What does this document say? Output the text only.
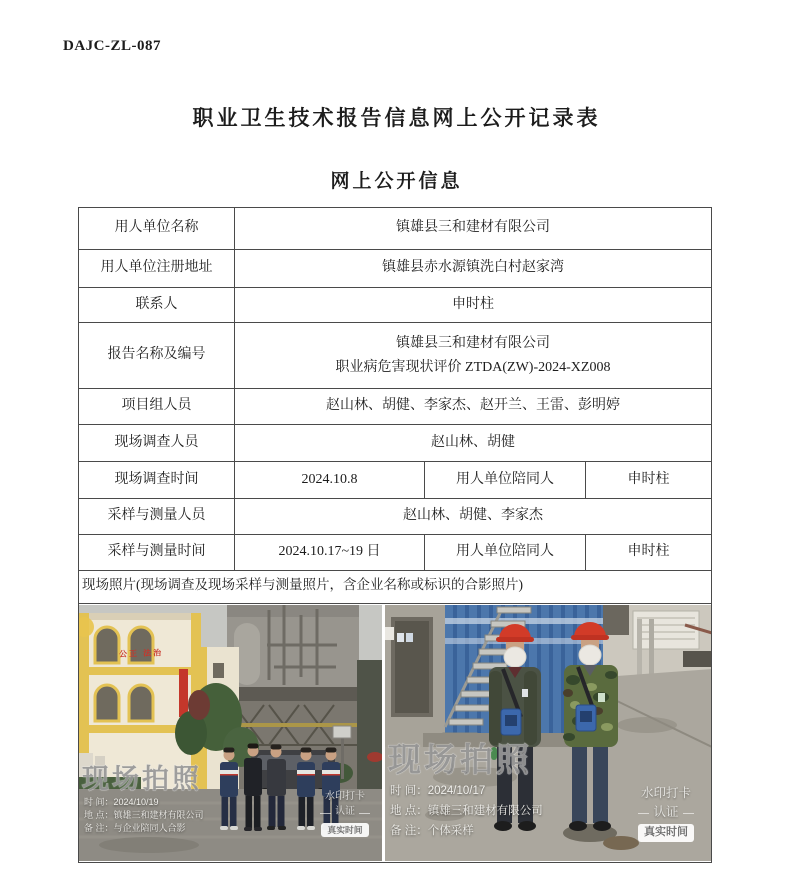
DAJC-ZL-087
职业卫生技术报告信息网上公开记录表
网上公开信息
用人单位名称	镇雄县三和建材有限公司		
用人单位注册地址	镇雄县赤水源镇洗白村赵家湾		
联系人	申时柱		
报告名称及编号	镇雄县三和建材有限公司
职业病危害现状评价 ZTDA(ZW)-2024-XZ008		

项目组人员	赵山林、胡健、李家杰、赵开兰、王雷、彭明婷		
现场调查人员	赵山林、胡健		
现场调查时间	2024.10.8	用人单位陪同人	申时柱
采样与测量人员	赵山林、胡健、李家杰		
采样与测量时间	2024.10.17~19 日	用人单位陪同人	申时柱
现场照片(现场调查及现场采样与测量照片，含企业名称或标识的合影照片)			

公正 法治
现场拍照
时 间：2024/10/19
地 点：镇雄三和建材有限公司
备 注：与企业陪同人合影
水印打卡
认证
真实时间
现场拍照
时 间：2024/10/17
地 点：镇雄三和建材有限公司
备 注：个体采样
水印打卡
认证
真实时间
